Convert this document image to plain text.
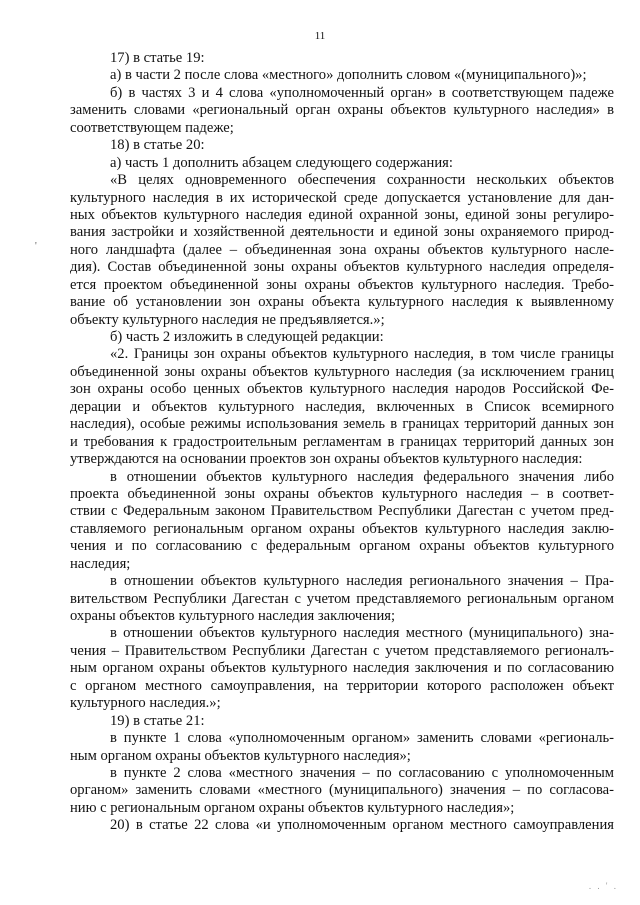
11
'
17) в статье 19:
а) в части 2 после слова «местного» дополнить словом «(муниципального)»;
б) в частях 3 и 4 слова «уполномоченный орган» в соответствующем падеже
заменить словами «региональный орган охраны объектов культурного наследия» в
соответствующем падеже;
18) в статье 20:
а) часть 1 дополнить абзацем следующего содержания:
«В целях одновременного обеспечения сохранности нескольких объектов
культурного наследия в их исторической среде допускается установление для дан-
ных объектов культурного наследия единой охранной зоны, единой зоны регулиро-
вания застройки и хозяйственной деятельности и единой зоны охраняемого природ-
ного ландшафта (далее – объединенная зона охраны объектов культурного насле-
дия). Состав объединенной зоны охраны объектов культурного наследия определя-
ется проектом объединенной зоны охраны объектов культурного наследия. Требо-
вание об установлении зон охраны объекта культурного наследия к выявленному
объекту культурного наследия не предъявляется.»;
б) часть 2 изложить в следующей редакции:
«2. Границы зон охраны объектов культурного наследия, в том числе границы
объединенной зоны охраны объектов культурного наследия (за исключением границ
зон охраны особо ценных объектов культурного наследия народов Российской Фе-
дерации и объектов культурного наследия, включенных в Список всемирного
наследия), особые режимы использования земель в границах территорий данных зон
и требования к градостроительным регламентам в границах территорий данных зон
утверждаются на основании проектов зон охраны объектов культурного наследия:
в отношении объектов культурного наследия федерального значения либо
проекта объединенной зоны охраны объектов культурного наследия – в соответ-
ствии с Федеральным законом Правительством Республики Дагестан с учетом пред-
ставляемого региональным органом охраны объектов культурного наследия заклю-
чения и по согласованию с федеральным органом охраны объектов культурного
наследия;
в отношении объектов культурного наследия регионального значения – Пра-
вительством Республики Дагестан с учетом представляемого региональным органом
охраны объектов культурного наследия заключения;
в отношении объектов культурного наследия местного (муниципального) зна-
чения – Правительством Республики Дагестан с учетом представляемого регионалъ-
ным органом охраны объектов культурного наследия заключения и по согласованию
с органом местного самоуправления, на территории которого расположен объект
культурного наследия.»;
19) в статье 21:
в пункте 1 слова «уполномоченным органом» заменить словами «региональ-
ным органом охраны объектов культурного наследия»;
в пункте 2 слова «местного значения – по согласованию с уполномоченным
органом» заменить словами «местного (муниципального) значения – по согласова-
нию с региональным органом охраны объектов культурного наследия»;
20) в статье 22 слова «и уполномоченным органом местного самоуправления
. . ' .
